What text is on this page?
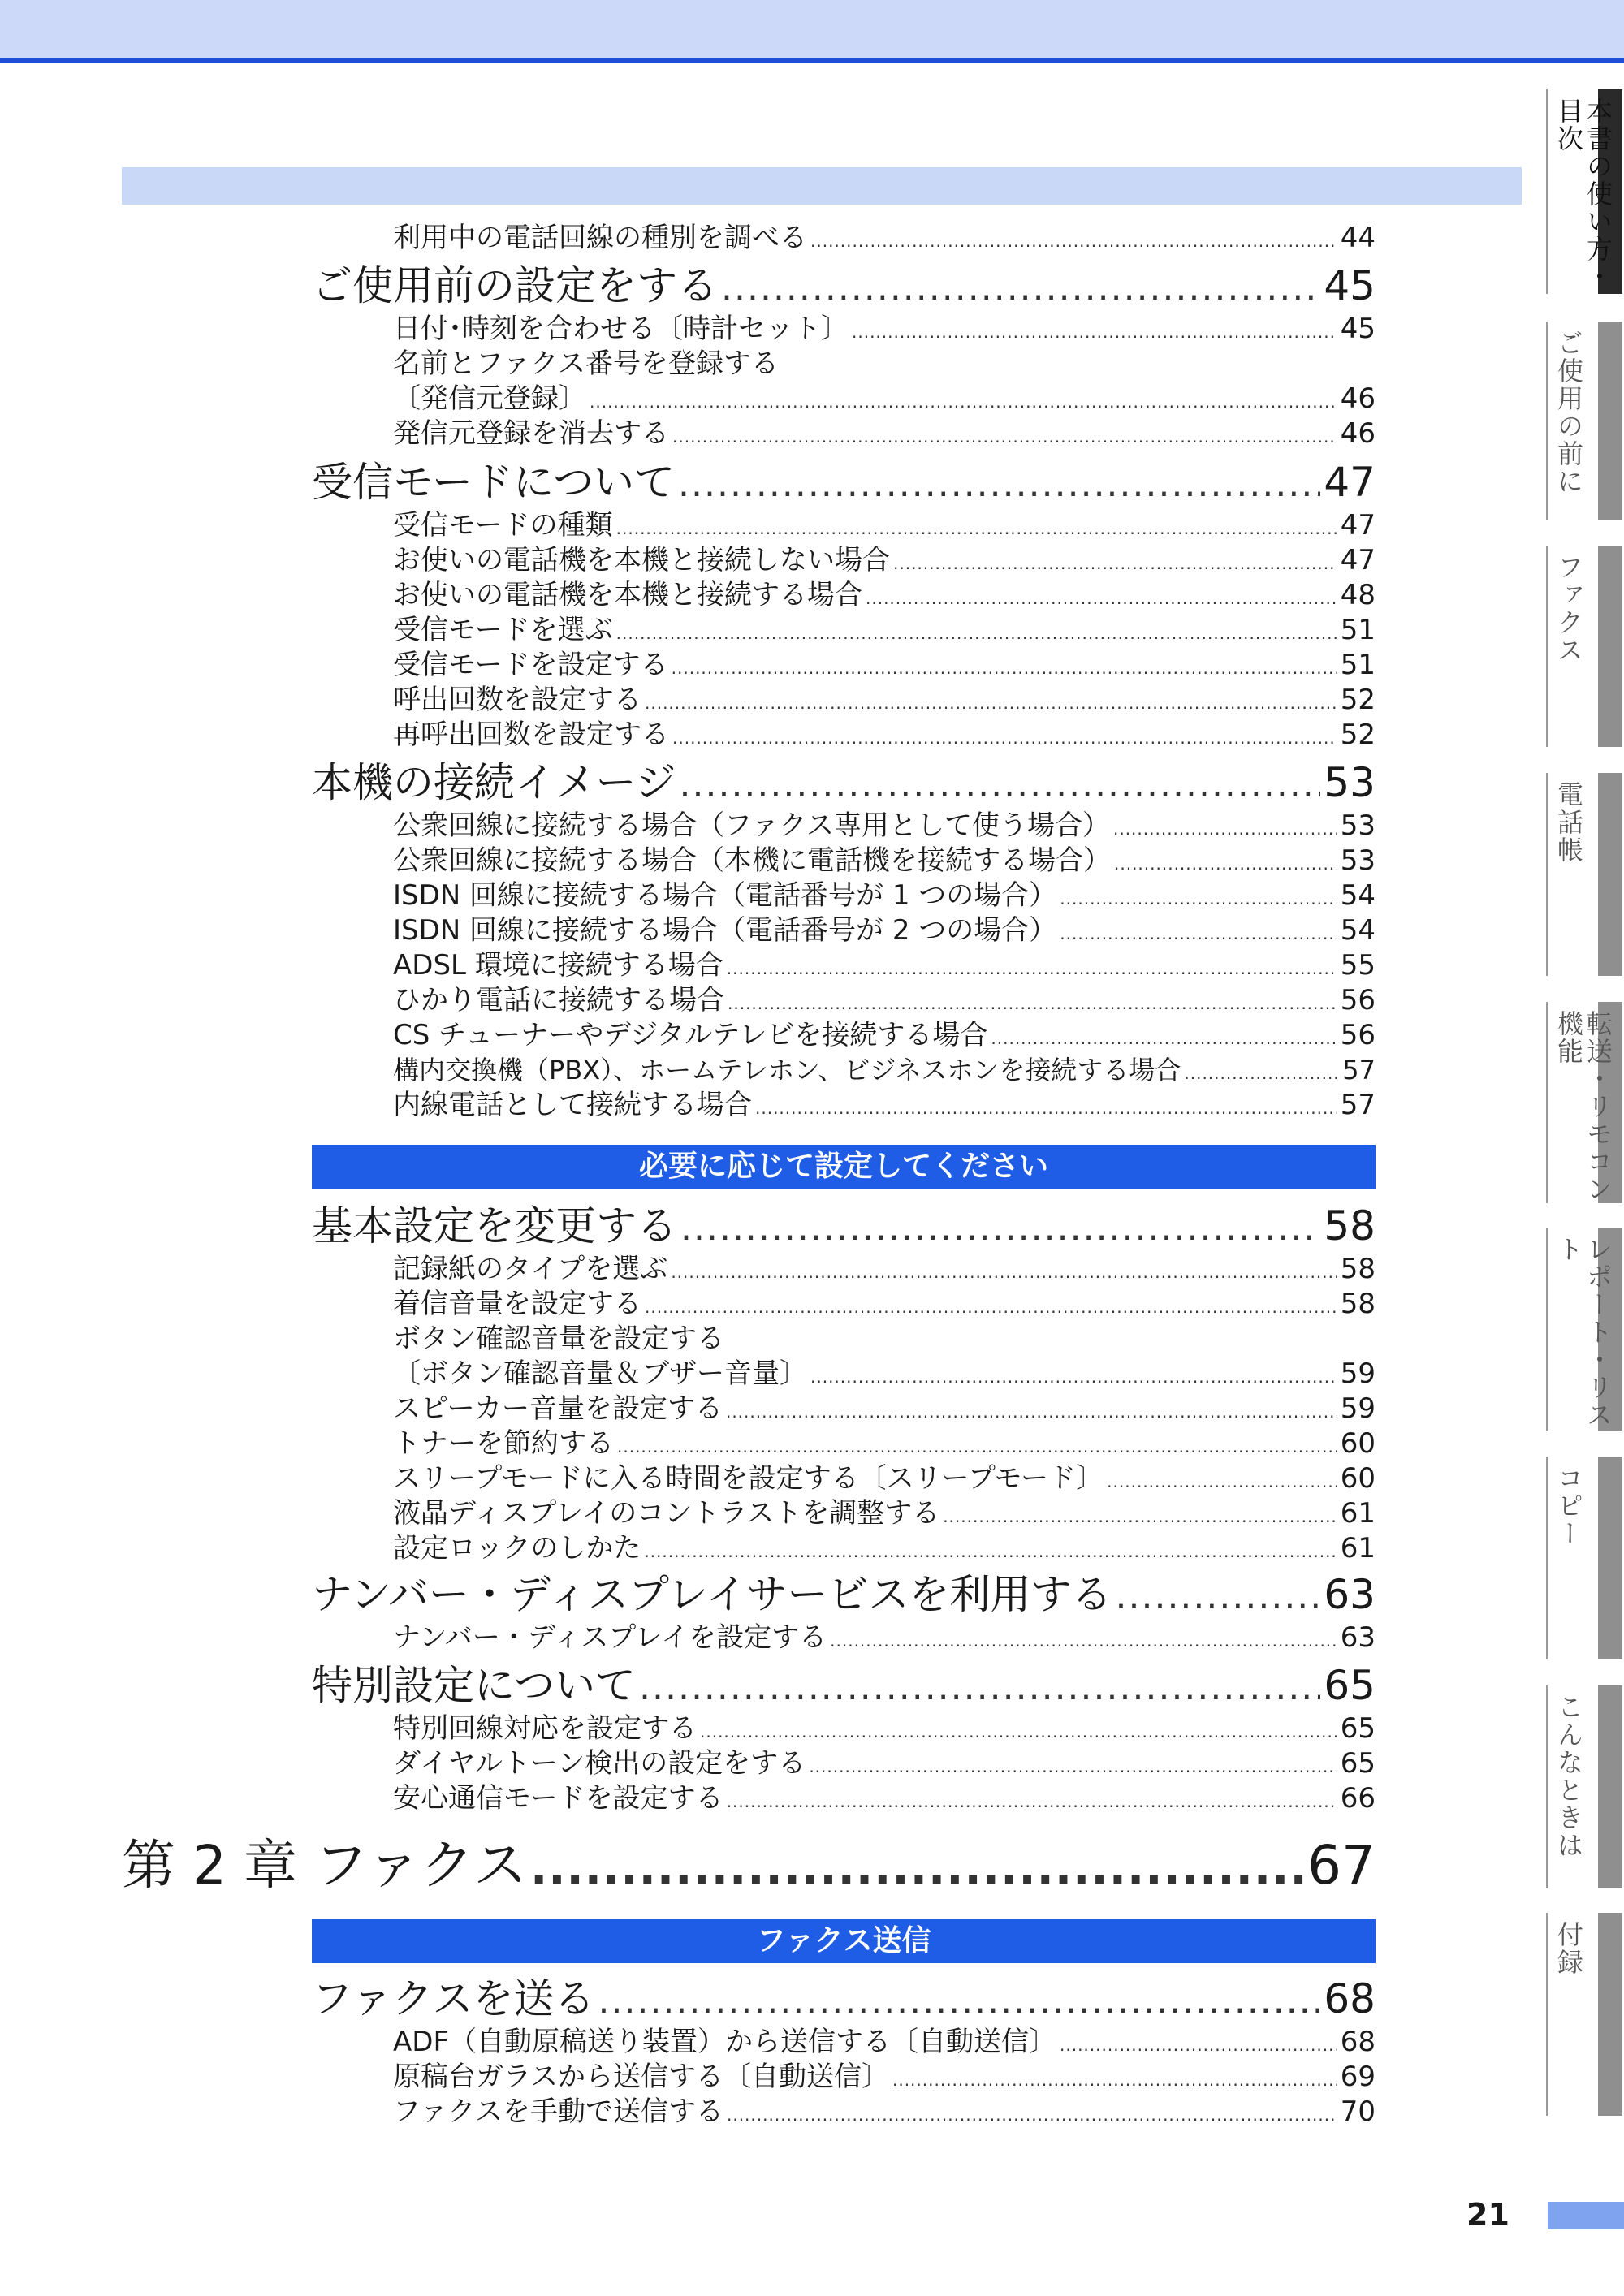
利用中の電話回線の種別を調べる .....	44
ご使用前の設定をする .....	45
日付･時刻を合わせる〔時計セット〕 .....	45
名前とファクス番号を登録する
〔発信元登録〕 .....	46
発信元登録を消去する .....	46
受信モードについて .....	47
受信モードの種類 .....	47
お使いの電話機を本機と接続しない場合 .....	47
お使いの電話機を本機と接続する場合 .....	48
受信モードを選ぶ .....	51
受信モードを設定する .....	51
呼出回数を設定する .....	52
再呼出回数を設定する .....	52
本機の接続イメージ .....	53
公衆回線に接続する場合（ファクス専用として使う場合） .....	53
公衆回線に接続する場合（本機に電話機を接続する場合） .....	53
ISDN 回線に接続する場合（電話番号が 1 つの場合） .....	54
ISDN 回線に接続する場合（電話番号が 2 つの場合） .....	54
ADSL 環境に接続する場合 .....	55
ひかり電話に接続する場合 .....	56
CS チューナーやデジタルテレビを接続する場合 .....	56
構内交換機（PBX）、ホームテレホン、ビジネスホンを接続する場合 .....	57
内線電話として接続する場合 .....	57
必要に応じて設定してください
基本設定を変更する .....	58
記録紙のタイプを選ぶ .....	58
着信音量を設定する .....	58
ボタン確認音量を設定する
〔ボタン確認音量＆ブザー音量〕 .....	59
スピーカー音量を設定する .....	59
トナーを節約する .....	60
スリープモードに入る時間を設定する〔スリープモード〕 .....	60
液晶ディスプレイのコントラストを調整する .....	61
設定ロックのしかた .....	61
ナンバー・ディスプレイサービスを利用する .....	63
ナンバー・ディスプレイを設定する .....	63
特別設定について .....	65
特別回線対応を設定する .....	65
ダイヤルトーン検出の設定をする .....	65
安心通信モードを設定する .....	66
第 2 章 ファクス .....	67
ファクス送信
ファクスを送る .....	68
ADF（自動原稿送り装置）から送信する〔自動送信〕 .....	68
原稿台ガラスから送信する〔自動送信〕 .....	69
ファクスを手動で送信する .....	70
本書の使い方・目次
ご使用の前に
ファクス
電話帳
転送・リモコン機能
レポート・リスト
コピー
こんなときは
付録
21
